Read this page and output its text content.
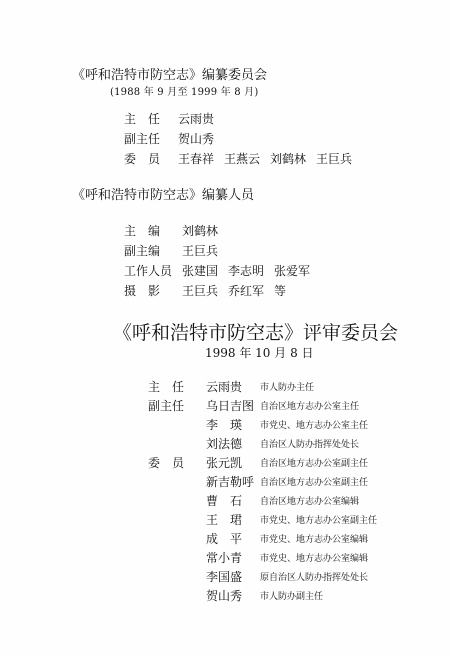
《呼和浩特市防空志》编纂委员会
(1988 年 9 月至 1999 年 8 月)
主　任 云雨贵
副主任 贺山秀
委　员 王春祥 王燕云 刘鹤林 王巨兵
《呼和浩特市防空志》编纂人员
主　编 刘鹤林
副主编 王巨兵
工作人员 张建国 李志明 张爱军
摄　影 王巨兵 乔红军 等
《呼和浩特市防空志》评审委员会
1998 年 10 月 8 日
主　任	云雨贵	市人防办主任
副主任	乌日吉图 自治区地方志办公室主任
李　瑛	市党史、地方志办公室主任
刘法德	自治区人防办指挥处处长
委　员	张元凯	自治区地方志办公室副主任
新吉勒呼 自治区地方志办公室副主任
曹　石	自治区地方志办公室编辑
王　珺	市党史、地方志办公室副主任
成　平	市党史、地方志办公室编辑
常小青	市党史、地方志办公室编辑
李国盛	原自治区人防办指挥处处长
贺山秀	市人防办副主任
